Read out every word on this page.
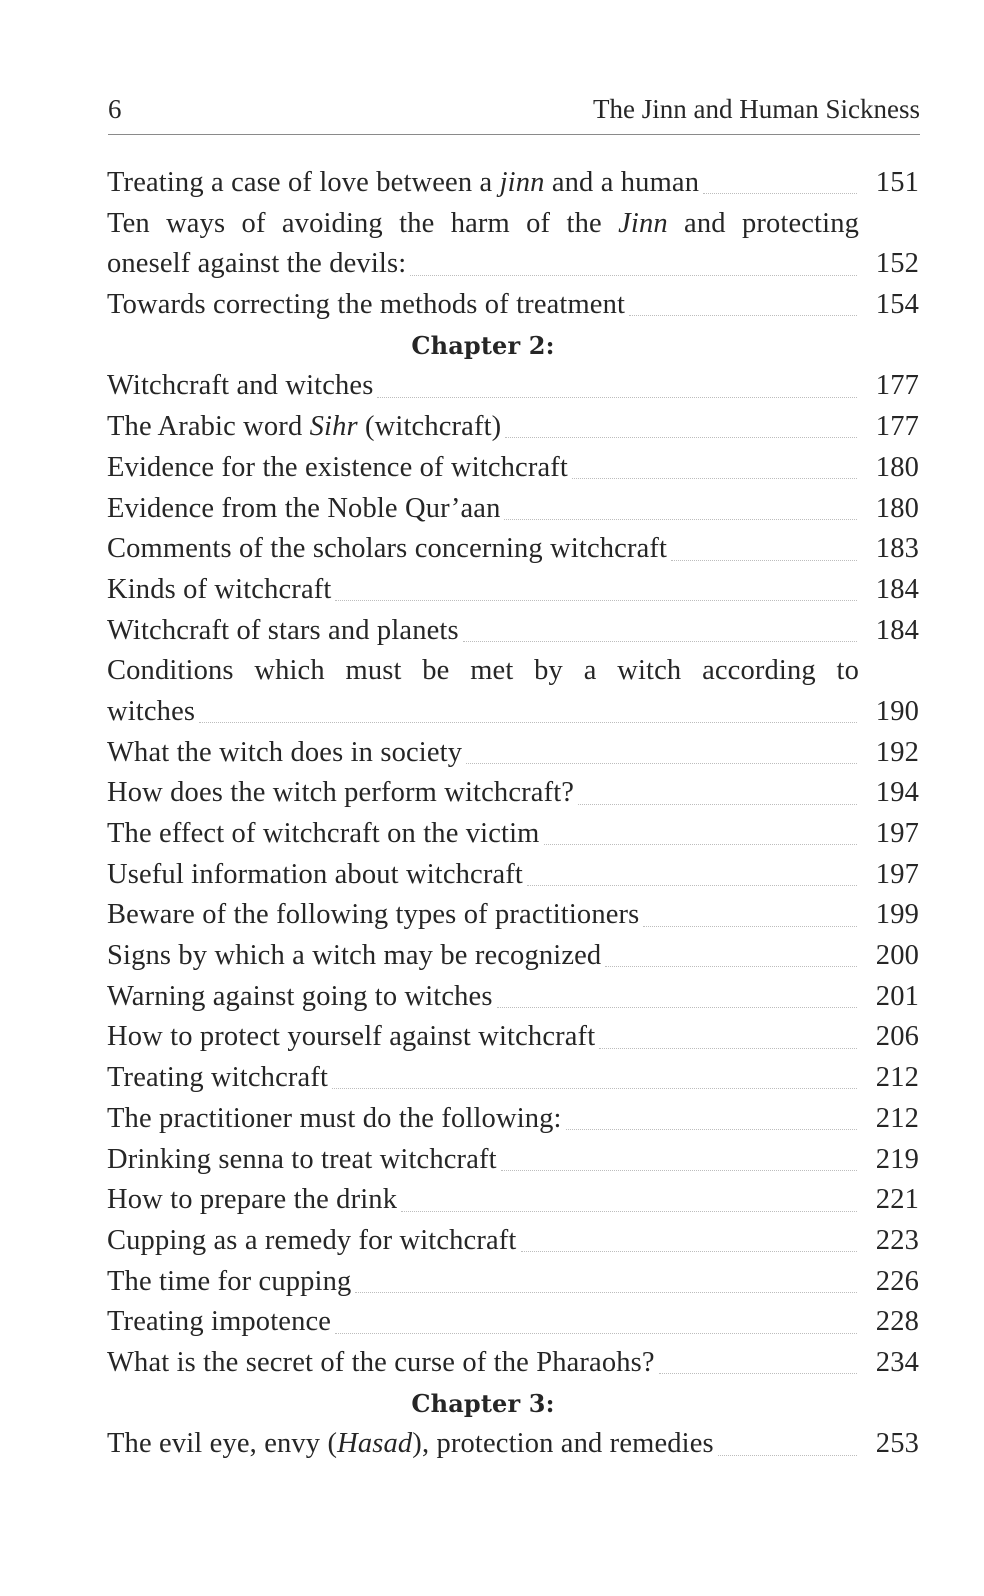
6	The Jinn and Human Sickness
Treating a case of love between a jinn and a human	151
Ten ways of avoiding the harm of the Jinn and protecting
oneself against the devils:	152
Towards correcting the methods of treatment	154
Chapter 2:
Witchcraft and witches	177
The Arabic word Sihr (witchcraft)	177
Evidence for the existence of witchcraft	180
Evidence from the Noble Qur’aan	180
Comments of the scholars concerning witchcraft	183
Kinds of witchcraft	184
Witchcraft of stars and planets	184
Conditions which must be met by a witch according to
witches	190
What the witch does in society	192
How does the witch perform witchcraft?	194
The effect of witchcraft on the victim	197
Useful information about witchcraft	197
Beware of the following types of practitioners	199
Signs by which a witch may be recognized	200
Warning against going to witches	201
How to protect yourself against witchcraft	206
Treating witchcraft	212
The practitioner must do the following:	212
Drinking senna to treat witchcraft	219
How to prepare the drink	221
Cupping as a remedy for witchcraft	223
The time for cupping	226
Treating impotence	228
What is the secret of the curse of the Pharaohs?	234
Chapter 3:
The evil eye, envy (Hasad), protection and remedies	253
